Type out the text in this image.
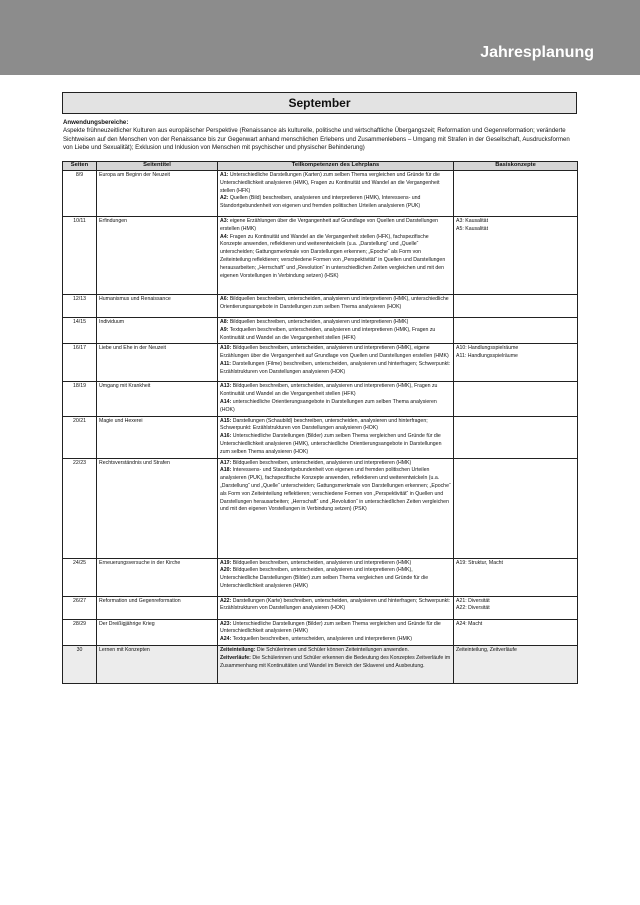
Jahresplanung
September
Anwendungsbereiche:
Aspekte frühneuzeitlicher Kulturen aus europäischer Perspektive (Renaissance als kulturelle, politische und wirtschaftliche Übergangszeit; Reformation und Gegenreformation; veränderte Sichtweisen auf den Menschen von der Renaissance bis zur Gegenwart anhand menschlichen Erlebens und Zusammenlebens – Umgang mit Strafen in der Gesellschaft, Ausdrucksformen von Liebe und Sexualität); Exklusion und Inklusion von Menschen mit psychischer und physischer Behinderung)
Seiten	Seitentitel	Teilkompetenzen des Lehrplans	Basiskonzepte
8/9	Europa am Beginn der Neuzeit	A1: Unterschiedliche Darstellungen (Karten) zum selben Thema vergleichen und Gründe für die Unterschiedlichkeit analysieren (HMK), Fragen zu Kontinuität und Wandel an die Vergangenheit stellen (HFK)
A2: Quellen (Bild) beschreiben, analysieren und interpretieren (HMK), Interessens- und Standortgebundenheit von eigenen und fremden politischen Urteilen analysieren (PUK)	

10/11	Erfindungen	A3: eigene Erzählungen über die Vergangenheit auf Grundlage von Quellen und Darstellungen erstellen (HMK)
A4: Fragen zu Kontinuität und Wandel an die Vergangenheit stellen (HFK), fachspezifische Konzepte anwenden, reflektieren und weiterentwickeln (u.a. „Darstellung“ und „Quelle“ unterscheiden; Gattungsmerkmale von Darstellungen erkennen; „Epoche“ als Form von Zeiteinteilung reflektieren; verschiedene Formen von „Perspektivität“ in Quellen und Darstellungen herausarbeiten; „Herrschaft“ und „Revolution“ in unterschiedlichen Zeiten vergleichen und mit den eigenen Vorstellungen in Verbindung setzen) (HSK)	A3: Kausalität
A5: Kausalität

12/13	Humanismus und Renaissance	A6: Bildquellen beschreiben, unterscheiden, analysieren und interpretieren (HMK), unterschiedliche Orientierungsangebote in Darstellungen zum selben Thema analysieren (HOK)	

14/15	Individuum	A8: Bildquellen beschreiben, unterscheiden, analysieren und interpretieren (HMK)
A9: Textquellen beschreiben, unterscheiden, analysieren und interpretieren (HMK), Fragen zu Kontinuität und Wandel an die Vergangenheit stellen (HFK)	

16/17	Liebe und Ehe in der Neuzeit	A10: Bildquellen beschreiben, unterscheiden, analysieren und interpretieren (HMK), eigene Erzählungen über die Vergangenheit auf Grundlage von Quellen und Darstellungen erstellen (HMK)
A11: Darstellungen (Filme) beschreiben, unterscheiden, analysieren und hinterfragen; Schwerpunkt: Erzählstrukturen von Darstellungen analysieren (HOK)	A10: Handlungsspielräume
A11: Handlungsspielräume

18/19	Umgang mit Krankheit	A13: Bildquellen beschreiben, unterscheiden, analysieren und interpretieren (HMK), Fragen zu Kontinuität und Wandel an die Vergangenheit stellen (HFK)
A14: unterschiedliche Orientierungsangebote in Darstellungen zum selben Thema analysieren (HOK)	

20/21	Magie und Hexerei	A15: Darstellungen (Schaubild) beschreiben, unterscheiden, analysieren und hinterfragen; Schwerpunkt: Erzählstrukturen von Darstellungen analysieren (HOK)
A16: Unterschiedliche Darstellungen (Bilder) zum selben Thema vergleichen und Gründe für die Unterschiedlichkeit analysieren (HMK), unterschiedliche Orientierungsangebote in Darstellungen zum selben Thema analysieren (HOK)	

22/23	Rechtsverständnis und Strafen	A17: Bildquellen beschreiben, unterscheiden, analysieren und interpretieren (HMK)
A18: Interessens- und Standortgebundenheit von eigenen und fremden politischen Urteilen analysieren (PUK), fachspezifische Konzepte anwenden, reflektieren und weiterentwickeln (u.a. „Darstellung“ und „Quelle“ unterscheiden; Gattungsmerkmale von Darstellungen erkennen; „Epoche“ als Form von Zeiteinteilung reflektieren; verschiedene Formen von „Perspektivität“ in Quellen und Darstellungen herausarbeiten; „Herrschaft“ und „Revolution“ in unterschiedlichen Zeiten vergleichen und mit den eigenen Vorstellungen in Verbindung setzen) (PSK)	

24/25	Erneuerungsversuche in der Kirche	A19: Bildquellen beschreiben, unterscheiden, analysieren und interpretieren (HMK)
A20: Bildquellen beschreiben, unterscheiden, analysieren und interpretieren (HMK), Unterschiedliche Darstellungen (Bilder) zum selben Thema vergleichen und Gründe für die Unterschiedlichkeit analysieren (HMK)	A19: Struktur, Macht

26/27	Reformation und Gegenreformation	A22: Darstellungen (Karte) beschreiben, unterscheiden, analysieren und hinterfragen; Schwerpunkt: Erzählstrukturen von Darstellungen analysieren (HOK)	A21: Diversität
A22: Diversität

28/29	Der Dreißigjährige Krieg	A23: Unterschiedliche Darstellungen (Bilder) zum selben Thema vergleichen und Gründe für die Unterschiedlichkeit analysieren (HMK)
A24: Textquellen beschreiben, unterscheiden, analysieren und interpretieren (HMK)	A24: Macht

30	Lernen mit Konzepten	Zeiteinteilung: Die Schülerinnen und Schüler können Zeiteinteilungen anwenden.
Zeitverläufe: Die Schülerinnen und Schüler erkennen die Bedeutung des Konzeptes Zeitverläufe im Zusammenhang mit Kontinuitäten und Wandel im Bereich der Sklaverei und Ausbeutung.	Zeiteinteilung, Zeitverläufe
